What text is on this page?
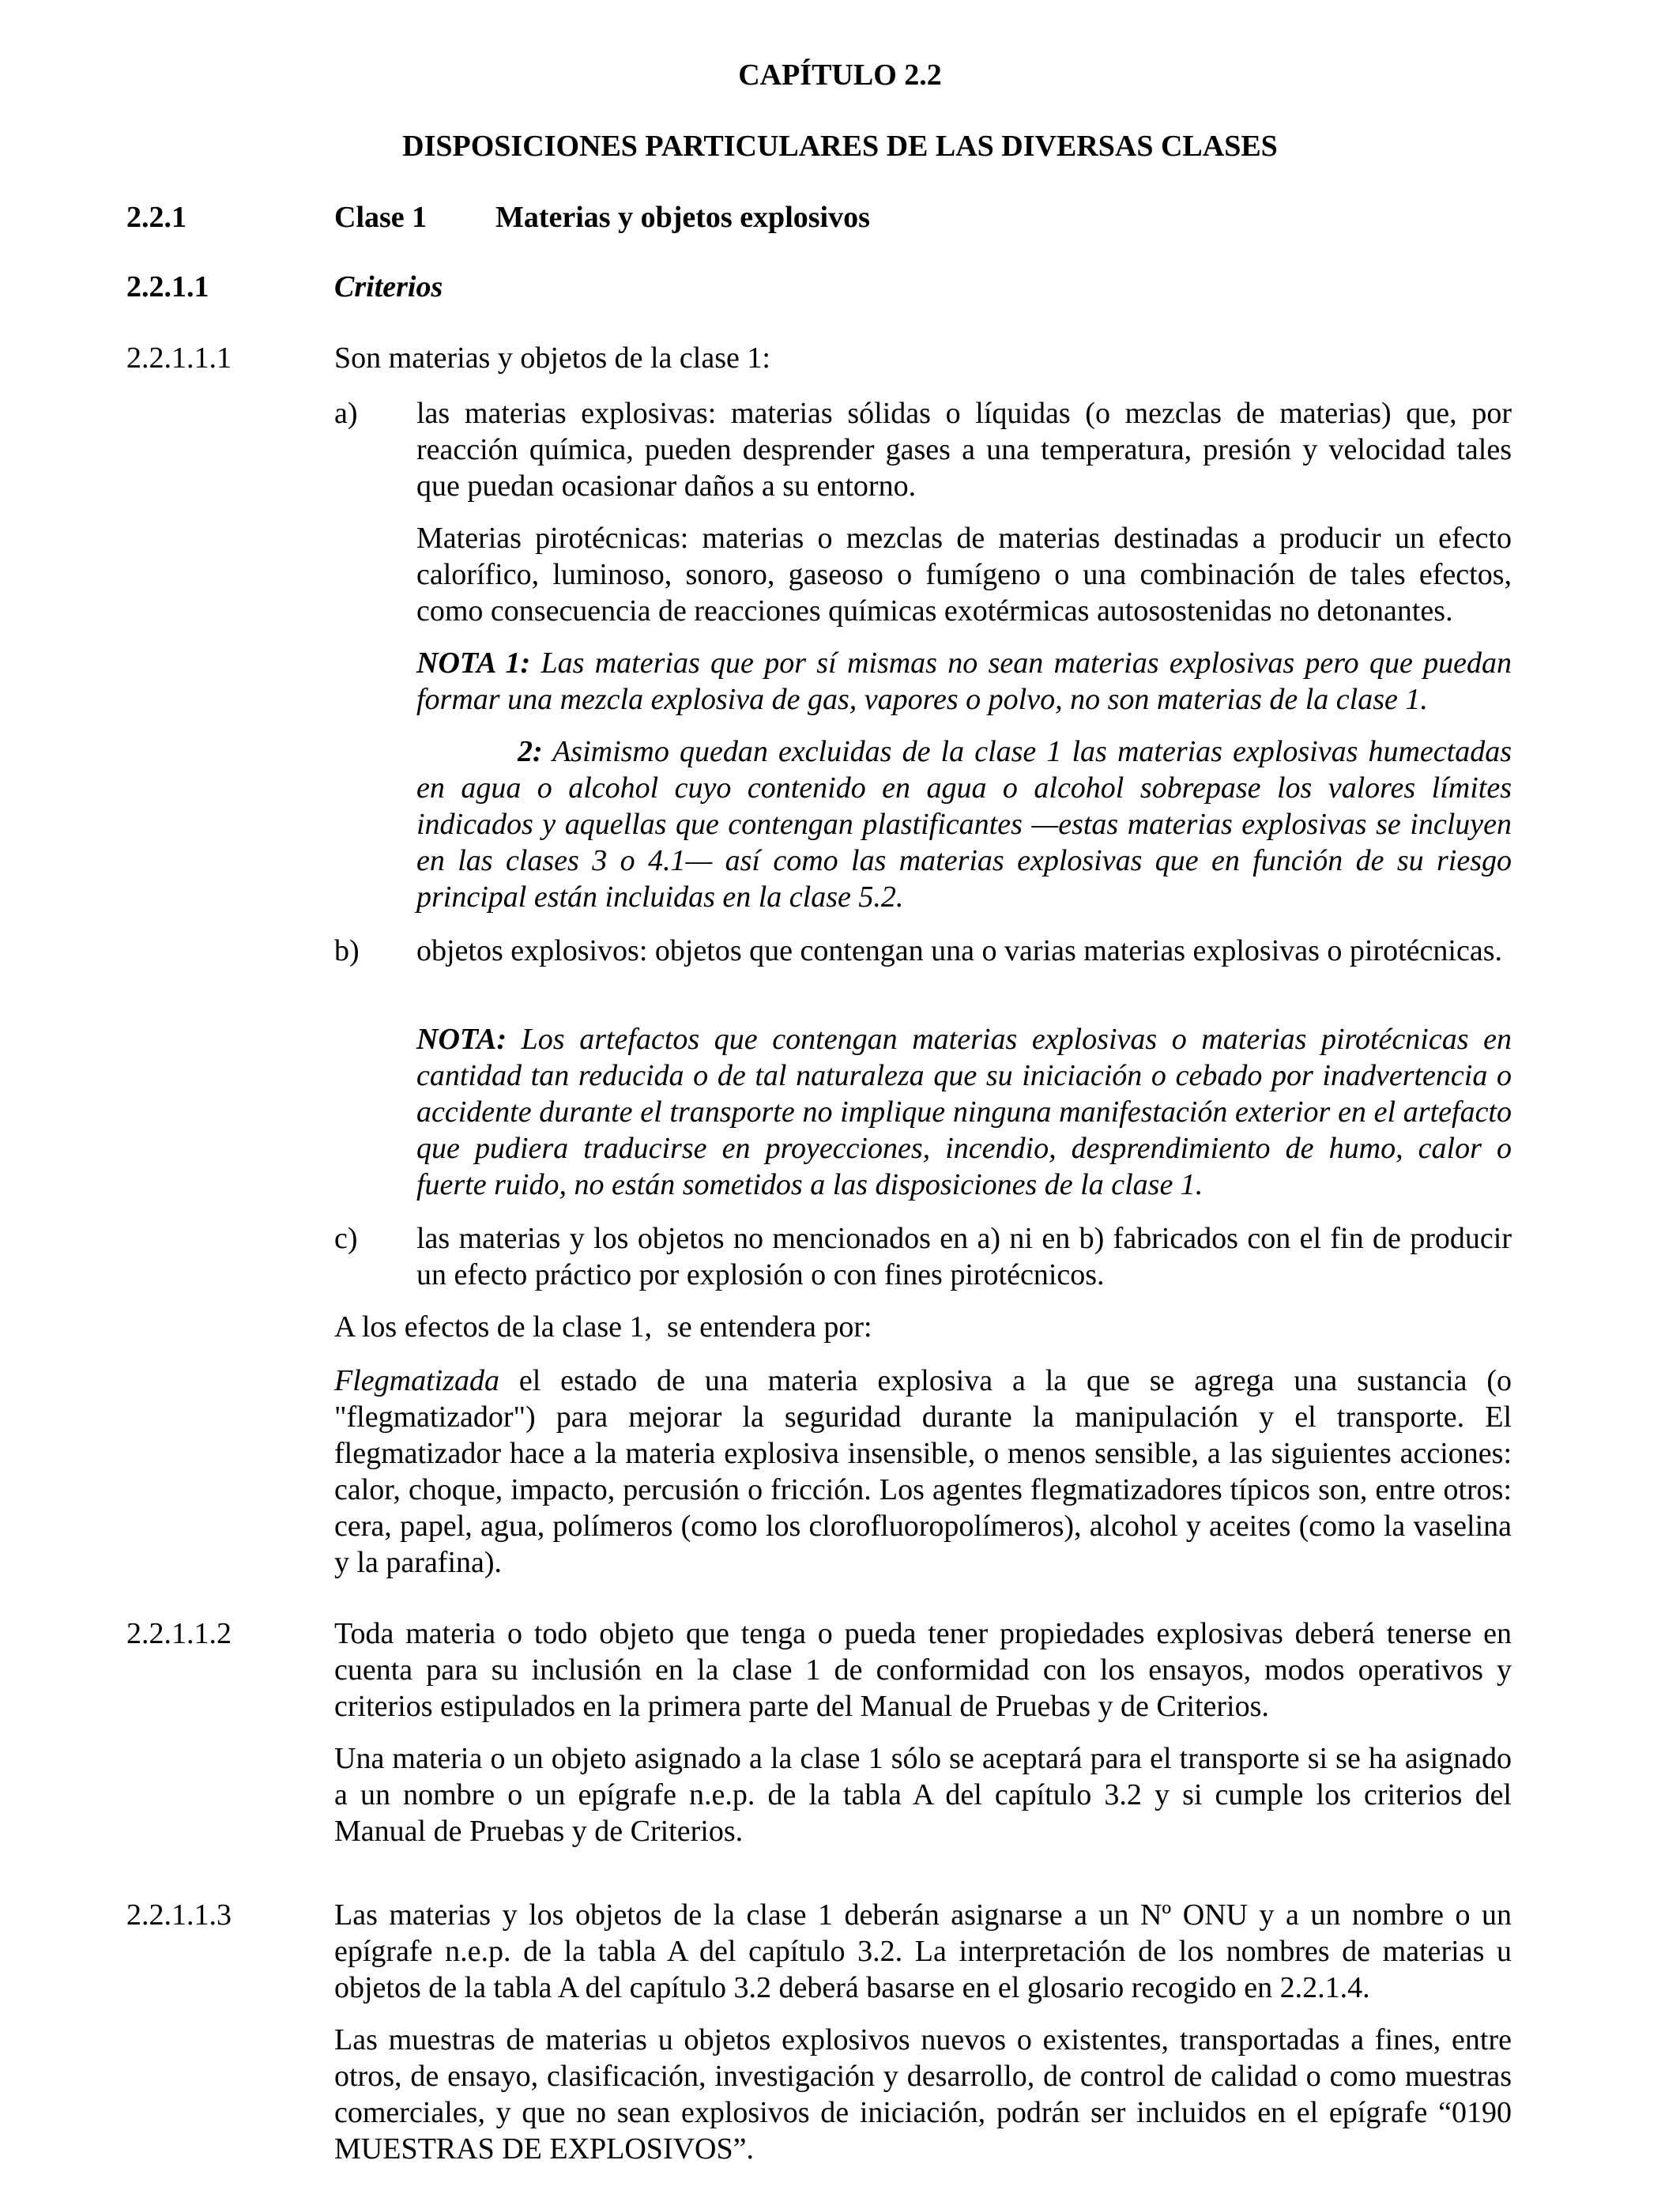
CAPÍTULO 2.2
DISPOSICIONES PARTICULARES DE LAS DIVERSAS CLASES
2.2.1	Clase 1 Materias y objetos explosivos
2.2.1.1	Criterios
2.2.1.1.1	Son materias y objetos de la clase 1:
a) las materias explosivas: materias sólidas o líquidas (o mezclas de materias) que, por reacción química, pueden desprender gases a una temperatura, presión y velocidad tales que puedan ocasionar daños a su entorno.

Materias pirotécnicas: materias o mezclas de materias destinadas a producir un efecto calorífico, luminoso, sonoro, gaseoso o fumígeno o una combinación de tales efectos, como consecuencia de reacciones químicas exotérmicas autosostenidas no detonantes.

NOTA 1: Las materias que por sí mismas no sean materias explosivas pero que puedan formar una mezcla explosiva de gas, vapores o polvo, no son materias de la clase 1.

2: Asimismo quedan excluidas de la clase 1 las materias explosivas humectadas en agua o alcohol cuyo contenido en agua o alcohol sobrepase los valores límites indicados y aquellas que contengan plastificantes —estas materias explosivas se incluyen en las clases 3 o 4.1— así como las materias explosivas que en función de su riesgo principal están incluidas en la clase 5.2.

b) objetos explosivos: objetos que contengan una o varias materias explosivas o pirotécnicas.

NOTA: Los artefactos que contengan materias explosivas o materias pirotécnicas en cantidad tan reducida o de tal naturaleza que su iniciación o cebado por inadvertencia o accidente durante el transporte no implique ninguna manifestación exterior en el artefacto que pudiera traducirse en proyecciones, incendio, desprendimiento de humo, calor o fuerte ruido, no están sometidos a las disposiciones de la clase 1.

c) las materias y los objetos no mencionados en a) ni en b) fabricados con el fin de producir un efecto práctico por explosión o con fines pirotécnicos.

A los efectos de la clase 1,  se entendera por:

Flegmatizada el estado de una materia explosiva a la que se agrega una sustancia (o "flegmatizador") para mejorar la seguridad durante la manipulación y el transporte. El flegmatizador hace a la materia explosiva insensible, o menos sensible, a las siguientes acciones: calor, choque, impacto, percusión o fricción. Los agentes flegmatizadores típicos son, entre otros: cera, papel, agua, polímeros (como los clorofluoropolímeros), alcohol y aceites (como la vaselina y la parafina).

2.2.1.1.2	Toda materia o todo objeto que tenga o pueda tener propiedades explosivas deberá tenerse en cuenta para su inclusión en la clase 1 de conformidad con los ensayos, modos operativos y criterios estipulados en la primera parte del Manual de Pruebas y de Criterios.

Una materia o un objeto asignado a la clase 1 sólo se aceptará para el transporte si se ha asignado a un nombre o un epígrafe n.e.p. de la tabla A del capítulo 3.2 y si cumple los criterios del Manual de Pruebas y de Criterios.

2.2.1.1.3	Las materias y los objetos de la clase 1 deberán asignarse a un Nº ONU y a un nombre o un epígrafe n.e.p. de la tabla A del capítulo 3.2. La interpretación de los nombres de materias u objetos de la tabla A del capítulo 3.2 deberá basarse en el glosario recogido en 2.2.1.4.

Las muestras de materias u objetos explosivos nuevos o existentes, transportadas a fines, entre otros, de ensayo, clasificación, investigación y desarrollo, de control de calidad o como muestras comerciales, y que no sean explosivos de iniciación, podrán ser incluidos en el epígrafe “0190 MUESTRAS DE EXPLOSIVOS”.
